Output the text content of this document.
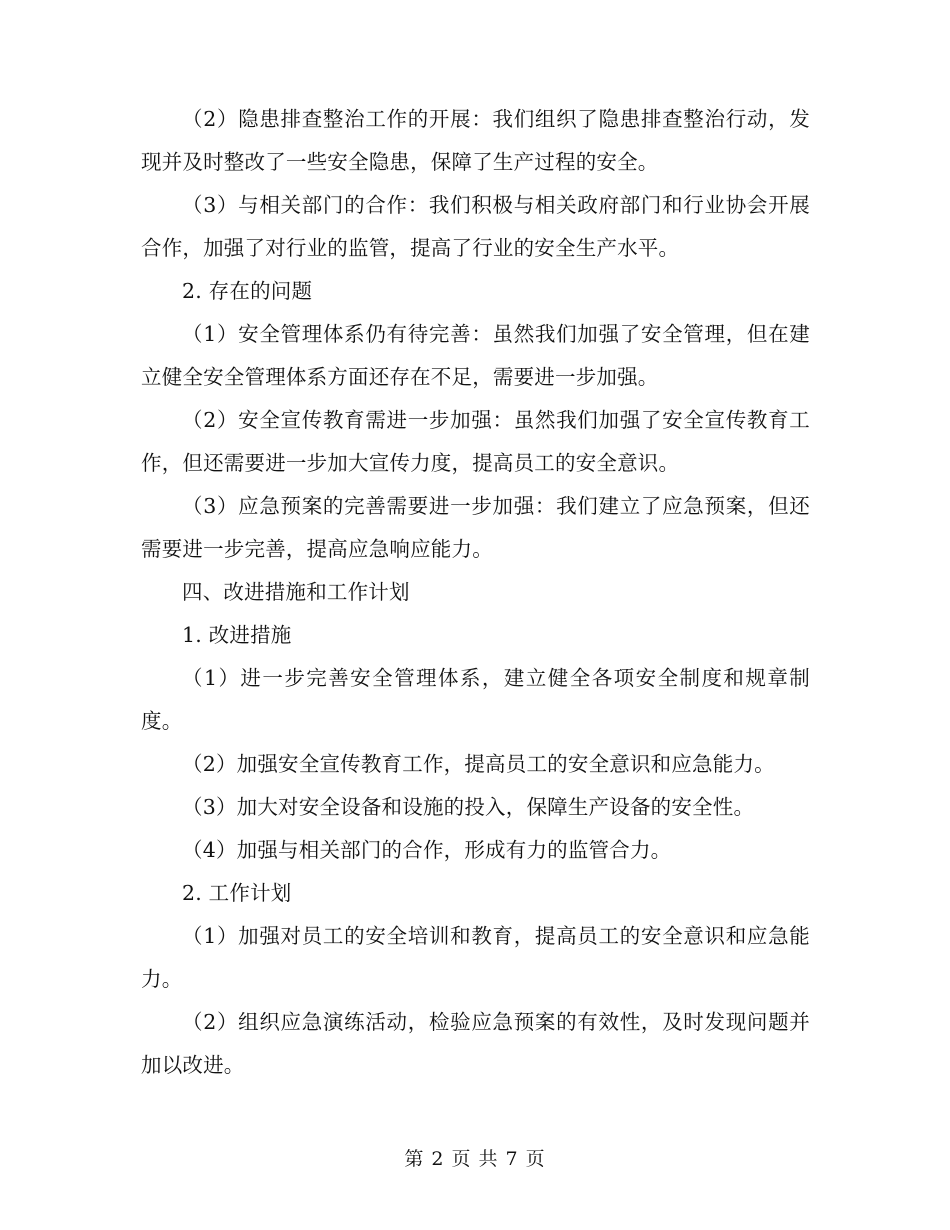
（2）隐患排查整治工作的开展：我们组织了隐患排查整治行动，发现并及时整改了一些安全隐患，保障了生产过程的安全。

（3）与相关部门的合作：我们积极与相关政府部门和行业协会开展合作，加强了对行业的监管，提高了行业的安全生产水平。

2. 存在的问题

（1）安全管理体系仍有待完善：虽然我们加强了安全管理，但在建立健全安全管理体系方面还存在不足，需要进一步加强。

（2）安全宣传教育需进一步加强：虽然我们加强了安全宣传教育工作，但还需要进一步加大宣传力度，提高员工的安全意识。

（3）应急预案的完善需要进一步加强：我们建立了应急预案，但还需要进一步完善，提高应急响应能力。

四、改进措施和工作计划

1. 改进措施

（1）进一步完善安全管理体系，建立健全各项安全制度和规章制度。

（2）加强安全宣传教育工作，提高员工的安全意识和应急能力。

（3）加大对安全设备和设施的投入，保障生产设备的安全性。

（4）加强与相关部门的合作，形成有力的监管合力。

2. 工作计划

（1）加强对员工的安全培训和教育，提高员工的安全意识和应急能力。

（2）组织应急演练活动，检验应急预案的有效性，及时发现问题并加以改进。

第 2 页 共 7 页
